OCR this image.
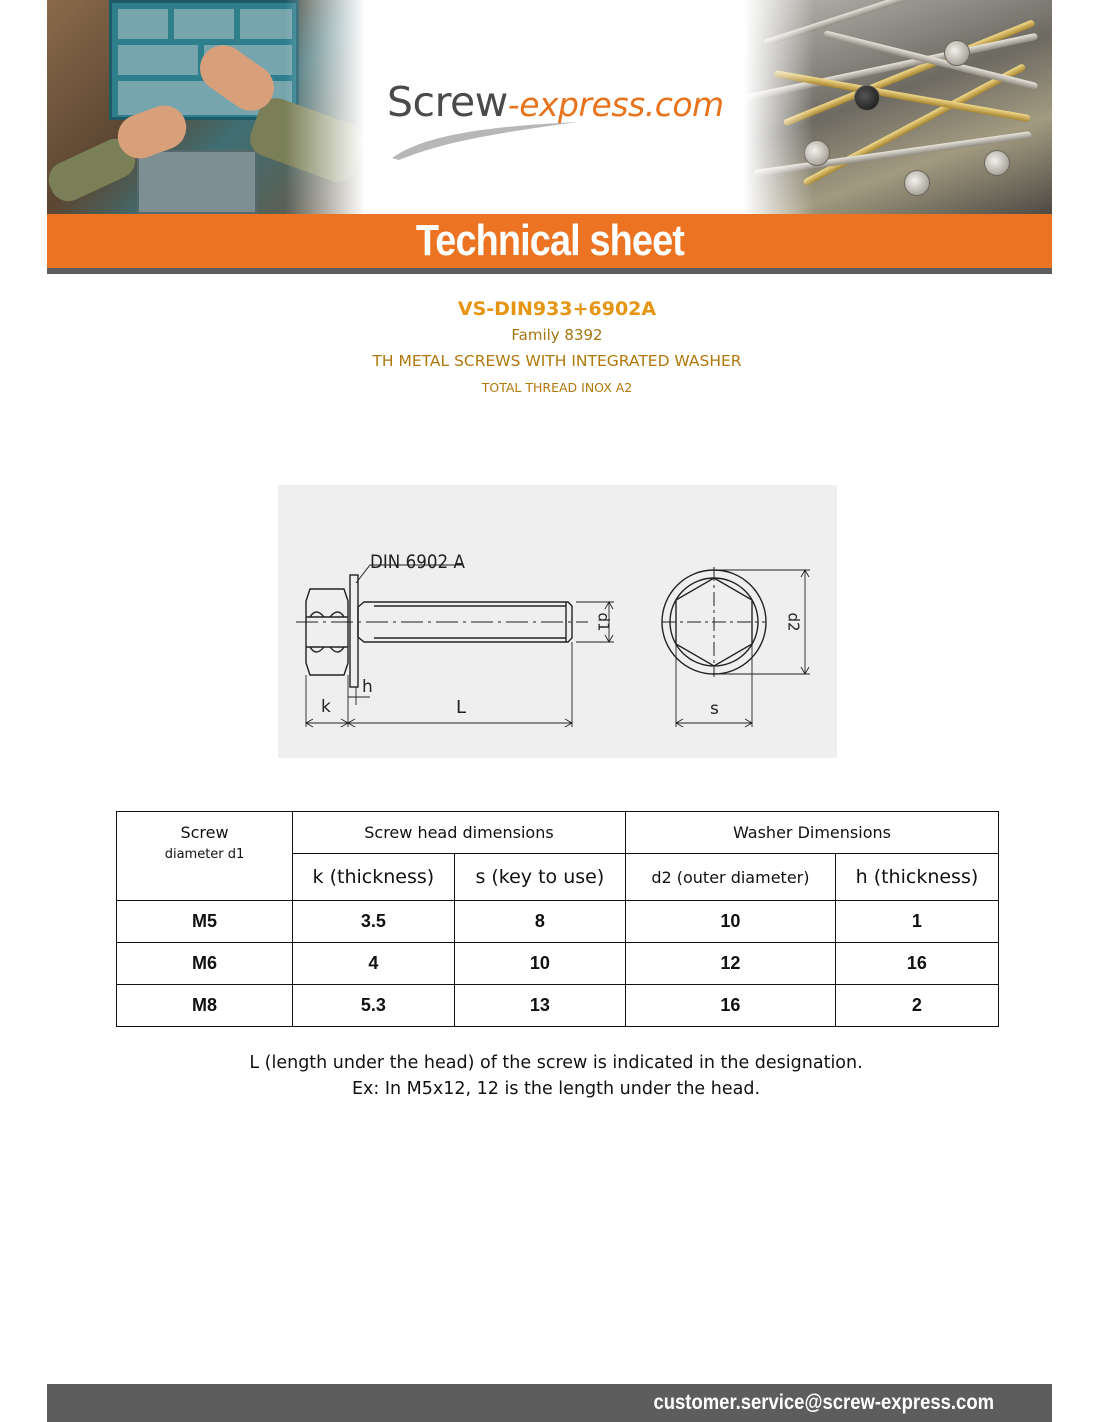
Screw-express.com
Technical sheet
VS-DIN933+6902A
Family 8392
TH METAL SCREWS WITH INTEGRATED WASHER
TOTAL THREAD INOX A2
DIN 6902 A
d1	d2
k
h
L	s
Screw
diameter d1	Screw head dimensions		Washer Dimensions	
	k (thickness)	s (key to use)	d2 (outer diameter)	h (thickness)
M5	3.5	8	10	1
M6	4	10	12	16
M8	5.3	13	16	2
L (length under the head) of the screw is indicated in the designation.
Ex: In M5x12, 12 is the length under the head.
customer.service@screw-express.com
